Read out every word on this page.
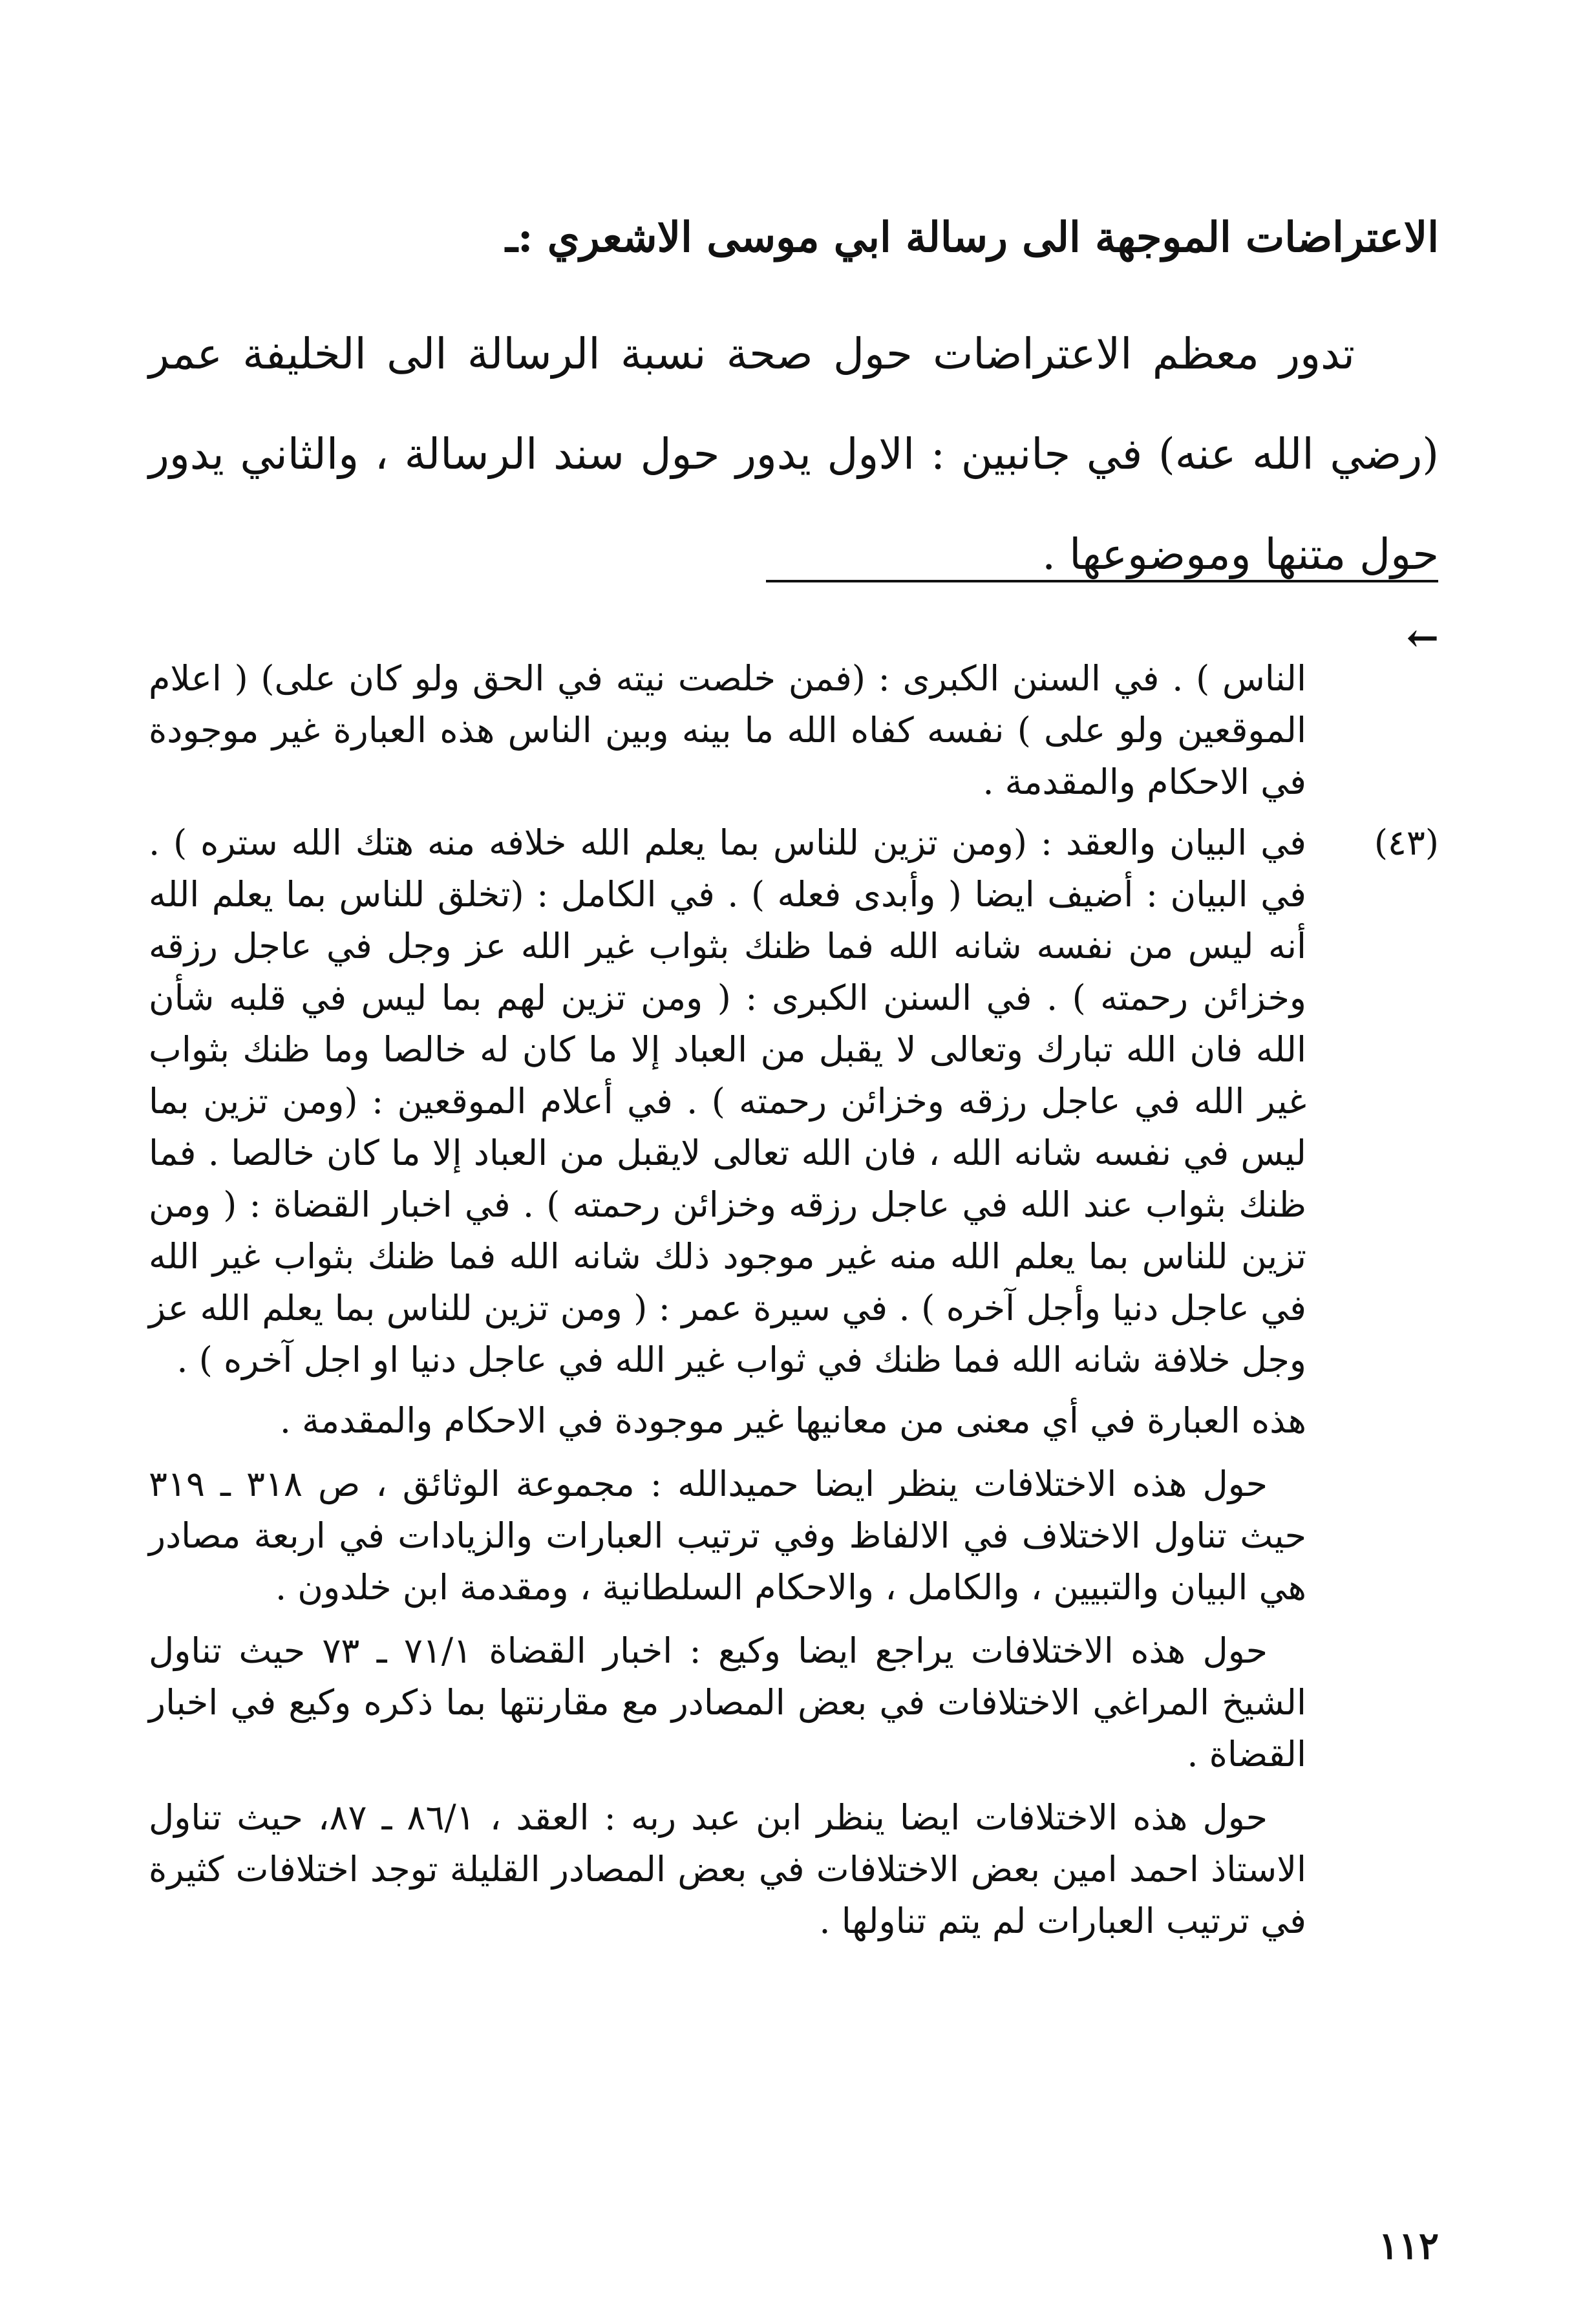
الاعتراضات الموجهة الى رسالة ابي موسى الاشعري :ـ

تدور معظم الاعتراضات حول صحة نسبة الرسالة الى الخليفة عمر (رضي الله عنه) في جانبين : الاول يدور حول سند الرسالة ، والثاني يدور حول متنها وموضوعها .

←
الناس ) . في السنن الكبرى : (فمن خلصت نيته في الحق ولو كان على) ( اعلام الموقعين ولو على ) نفسه كفاه الله ما بينه وبين الناس هذه العبارة غير موجودة في الاحكام والمقدمة .
(٤٣)
في البيان والعقد : (ومن تزين للناس بما يعلم الله خلافه منه هتك الله ستره ) . في البيان : أضيف ايضا ( وأبدى فعله ) . في الكامل : (تخلق للناس بما يعلم الله أنه ليس من نفسه شانه الله فما ظنك بثواب غير الله عز وجل في عاجل رزقه وخزائن رحمته ) . في السنن الكبرى : ( ومن تزين لهم بما ليس في قلبه شأن الله فان الله تبارك وتعالى لا يقبل من العباد إلا ما كان له خالصا وما ظنك بثواب غير الله في عاجل رزقه وخزائن رحمته ) . في أعلام الموقعين : (ومن تزين بما ليس في نفسه شانه الله ، فان الله تعالى لايقبل من العباد إلا ما كان خالصا . فما ظنك بثواب عند الله في عاجل رزقه وخزائن رحمته ) . في اخبار القضاة : ( ومن تزين للناس بما يعلم الله منه غير موجود ذلك شانه الله فما ظنك بثواب غير الله في عاجل دنيا وأجل آخره ) . في سيرة عمر : ( ومن تزين للناس بما يعلم الله عز وجل خلافة شانه الله فما ظنك في ثواب غير الله في عاجل دنيا او اجل آخره ) .
هذه العبارة في أي معنى من معانيها غير موجودة في الاحكام والمقدمة .
حول هذه الاختلافات ينظر ايضا حميدالله : مجموعة الوثائق ، ص ٣١٨ ـ ٣١٩ حيث تناول الاختلاف في الالفاظ وفي ترتيب العبارات والزيادات في اربعة مصادر هي البيان والتبيين ، والكامل ، والاحكام السلطانية ، ومقدمة ابن خلدون .
حول هذه الاختلافات يراجع ايضا وكيع : اخبار القضاة ٧١/١ ـ ٧٣ حيث تناول الشيخ المراغي الاختلافات في بعض المصادر مع مقارنتها بما ذكره وكيع في اخبار القضاة .
حول هذه الاختلافات ايضا ينظر ابن عبد ربه : العقد ، ٨٦/١ ـ ٨٧، حيث تناول الاستاذ احمد امين بعض الاختلافات في بعض المصادر القليلة توجد اختلافات كثيرة في ترتيب العبارات لم يتم تناولها .
١١٢
